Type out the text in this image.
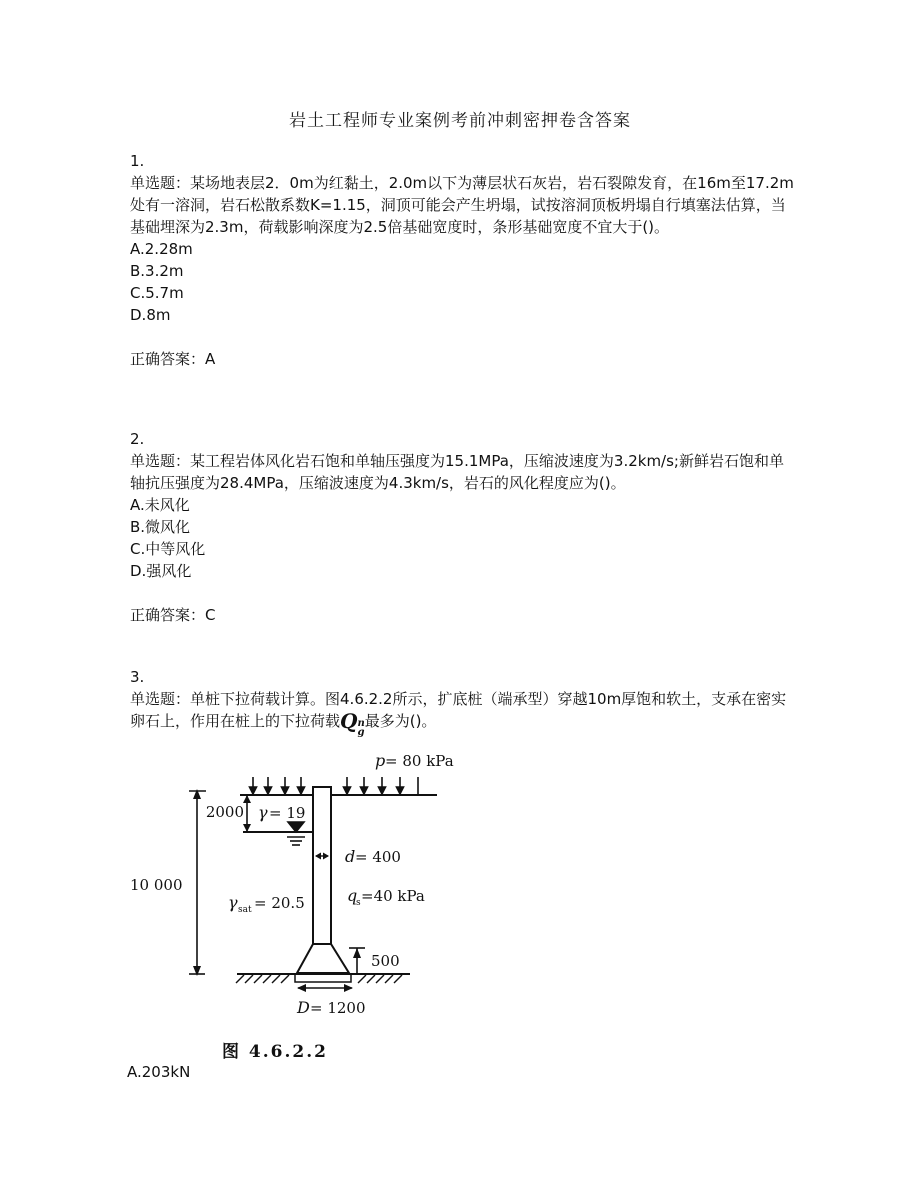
岩土工程师专业案例考前冲刺密押卷含答案
1.

单选题：某场地表层2．0m为红黏土，2.0m以下为薄层状石灰岩，岩石裂隙发育，在16m至17.2m处有一溶洞，岩石松散系数K=1.15，洞顶可能会产生坍塌，试按溶洞顶板坍塌自行填塞法估算，当基础埋深为2.3m，荷载影响深度为2.5倍基础宽度时，条形基础宽度不宜大于()。

A.2.28m
B.3.2m
C.5.7m
D.8m
正确答案：A
2.

单选题：某工程岩体风化岩石饱和单轴压强度为15.1MPa，压缩波速度为3.2km/s;新鲜岩石饱和单轴抗压强度为28.4MPa，压缩波速度为4.3km/s，岩石的风化程度应为()。

A.未风化
B.微风化
C.中等风化
D.强风化
正确答案：C
3.

单选题：单桩下拉荷载计算。图4.6.2.2所示，扩底桩（端承型）穿越10m厚饱和软土，支承在密实卵石上，作用在桩上的下拉荷载Q n
g
最多为()。

p = 80 kPa
2000 γ = 19
10 000
d = 400
γ sat = 20.5	q
s =40 kPa
500
D = 1200
图 4.6.2.2
A.203kN
